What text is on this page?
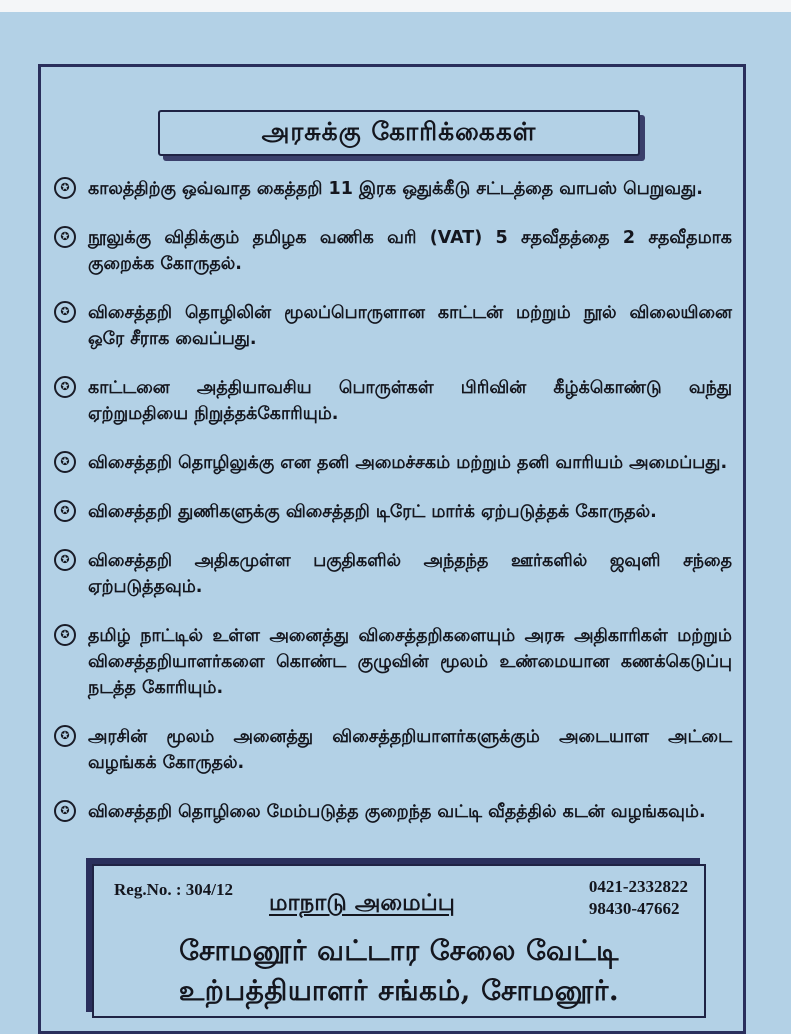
அரசுக்கு கோரிக்கைகள்
✪	காலத்திற்கு ஒவ்வாத கைத்தறி 11 இரக ஒதுக்கீடு சட்டத்தை வாபஸ் பெறுவது.
✪	நூலுக்கு விதிக்கும் தமிழக வணிக வரி (VAT) 5 சதவீதத்தை 2 சதவீதமாக குறைக்க கோருதல்.
✪	விசைத்தறி தொழிலின் மூலப்பொருளான காட்டன் மற்றும் நூல் விலையினை ஒரே சீராக வைப்பது.
✪	காட்டனை அத்தியாவசிய பொருள்கள் பிரிவின் கீழ்க்கொண்டு வந்து ஏற்றுமதியை நிறுத்தக்கோரியும்.
✪	விசைத்தறி தொழிலுக்கு என தனி அமைச்சகம் மற்றும் தனி வாரியம் அமைப்பது.
✪	விசைத்தறி துணிகளுக்கு விசைத்தறி டிரேட் மார்க் ஏற்படுத்தக் கோருதல்.
✪	விசைத்தறி அதிகமுள்ள பகுதிகளில் அந்தந்த ஊர்களில் ஜவுளி சந்தை ஏற்படுத்தவும்.
✪	தமிழ் நாட்டில் உள்ள அனைத்து விசைத்தறிகளையும் அரசு அதிகாரிகள் மற்றும் விசைத்தறியாளர்களை கொண்ட குழுவின் மூலம் உண்மையான கணக்கெடுப்பு நடத்த கோரியும்.
✪	அரசின் மூலம் அனைத்து விசைத்தறியாளர்களுக்கும் அடையாள அட்டை வழங்கக் கோருதல்.
✪	விசைத்தறி தொழிலை மேம்படுத்த குறைந்த வட்டி வீதத்தில் கடன் வழங்கவும்.
Reg.No. : 304/12
மாநாடு அமைப்பு
0421-2332822
98430-47662
சோமனூர் வட்டார சேலை வேட்டி
உற்பத்தியாளர் சங்கம், சோமனூர்.
